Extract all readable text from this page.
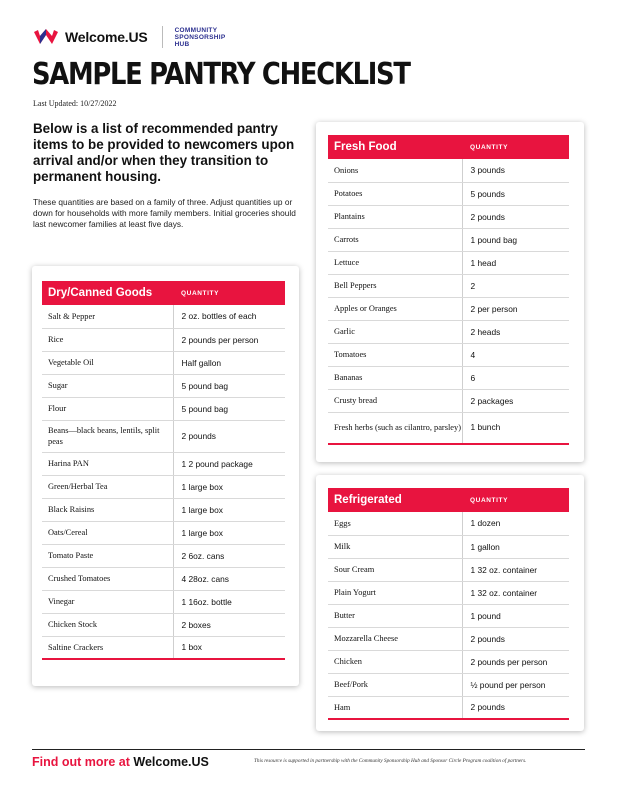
Welcome.US	COMMUNITY
SPONSORSHIP
HUB
SAMPLE PANTRY CHECKLIST
Last Updated: 10/27/2022

Below is a list of recommended pantry items to be provided to newcomers upon arrival and/or when they transition to permanent housing.

These quantities are based on a family of three. Adjust quantities up or down for households with more family members. Initial groceries should last newcomer families at least five days.

Dry/Canned Goods	QUANTITY
Salt & Pepper	2 oz. bottles of each
Rice	2 pounds per person
Vegetable Oil	Half gallon
Sugar	5 pound bag
Flour	5 pound bag
Beans—black beans, lentils, split peas	2 pounds
Harina PAN	1 2 pound package
Green/Herbal Tea	1 large box
Black Raisins	1 large box
Oats/Cereal	1 large box
Tomato Paste	2 6oz. cans
Crushed Tomatoes	4 28oz. cans
Vinegar	1 16oz. bottle
Chicken Stock	2 boxes
Saltine Crackers	1 box
Fresh Food	QUANTITY
Onions	3 pounds
Potatoes	5 pounds
Plantains	2 pounds
Carrots	1 pound bag
Lettuce	1 head
Bell Peppers	2
Apples or Oranges	2 per person
Garlic	2 heads
Tomatoes	4
Bananas	6
Crusty bread	2 packages
Fresh herbs (such as cilantro, parsley)	1 bunch
Refrigerated	QUANTITY
Eggs	1 dozen
Milk	1 gallon
Sour Cream	1 32 oz. container
Plain Yogurt	1 32 oz. container
Butter	1 pound
Mozzarella Cheese	2 pounds
Chicken	2 pounds per person
Beef/Pork	½ pound per person
Ham	2 pounds
Find out more at Welcome.US	This resource is supported in partnership with the Community Sponsorship Hub and Sponsor Circle Program coalition of partners.
